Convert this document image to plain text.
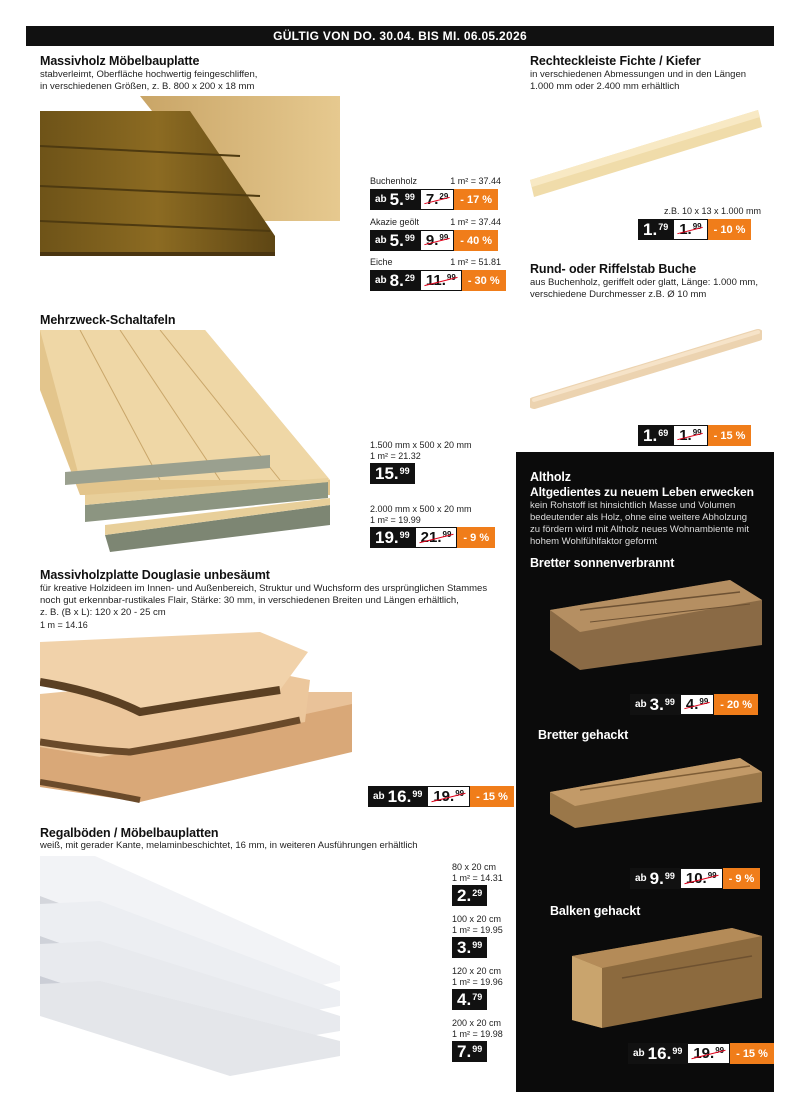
GÜLTIG VON DO. 30.04. BIS MI. 06.05.2026
Massivholz Möbelbauplatte
stabverleimt, Oberfläche hochwertig feingeschliffen,
in verschiedenen Größen, z. B. 800 x 200 x 18 mm
Buchenholz	1 m² = 37.44
ab 5.99 7.29	- 17 %
Akazie geölt	1 m² = 37.44
ab 5.99 9.99	- 40 %
Eiche	1 m² = 51.81
ab 8.29 11.99	- 30 %
Rechteckleiste Fichte / Kiefer
in verschiedenen Abmessungen und in den Längen
1.000 mm oder 2.400 mm erhältlich
z.B. 10 x 13 x 1.000 mm
1.79 1.99	- 10 %
Rund- oder Riffelstab Buche
aus Buchenholz, geriffelt oder glatt, Länge: 1.000 mm,
verschiedene Durchmesser z.B. Ø 10 mm
1.69 1.99	- 15 %
Mehrzweck-Schaltafeln
1.500 mm x 500 x 20 mm
1 m² = 21.32
15.99
2.000 mm x 500 x 20 mm
1 m² = 19.99
19.99 21.99	- 9 %
Massivholzplatte Douglasie unbesäumt
für kreative Holzideen im Innen- und Außenbereich, Struktur und Wuchsform des ursprünglichen Stammes
noch gut erkennbar-rustikales Flair, Stärke: 30 mm, in verschiedenen Breiten und Längen erhältlich,
z. B. (B x L): 120 x 20 - 25 cm
1 m = 14.16
ab 16.99 19.99	- 15 %
Regalböden / Möbelbauplatten
weiß, mit gerader Kante, melaminbeschichtet, 16 mm, in weiteren Ausführungen erhältlich
80 x 20 cm
1 m² = 14.31
2.29
100 x 20 cm
1 m² = 19.95
3.99
120 x 20 cm
1 m² = 19.96
4.79
200 x 20 cm
1 m² = 19.98
7.99
Altholz
Altgedientes zu neuem Leben erwecken
kein Rohstoff ist hinsichtlich Masse und Volumen
bedeutender als Holz, ohne eine weitere Abholzung
zu fördern wird mit Altholz neues Wohnambiente mit
hohem Wohlfühlfaktor geformt
Bretter sonnenverbrannt
ab 3.99 4.99	- 20 %
Bretter gehackt
ab 9.99 10.99	- 9 %
Balken gehackt
ab 16.99 19.99	- 15 %
